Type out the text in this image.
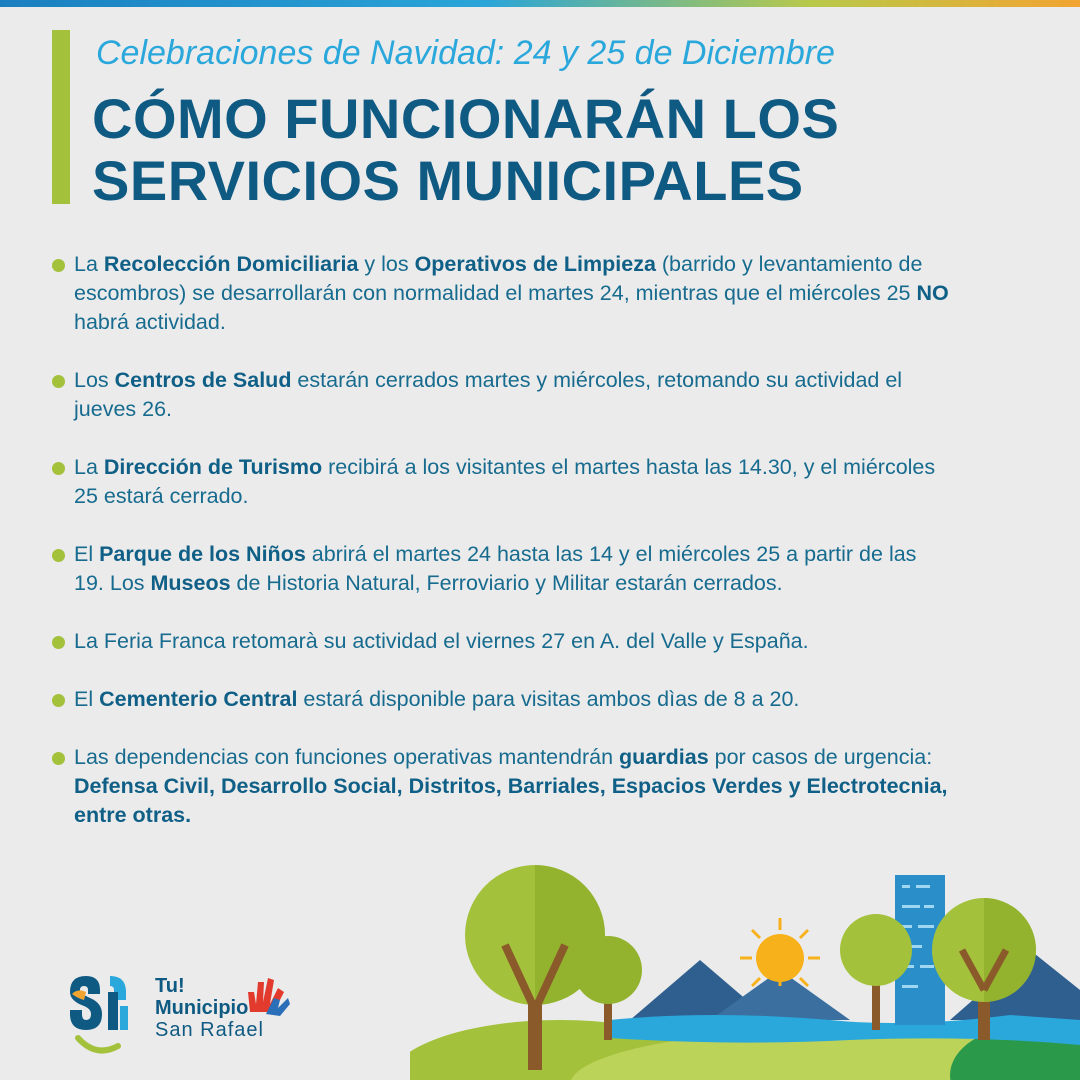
Celebraciones de Navidad: 24 y 25 de Diciembre
CÓMO FUNCIONARÁN LOS SERVICIOS MUNICIPALES
La Recolección Domiciliaria y los Operativos de Limpieza (barrido y levantamiento de escombros) se desarrollarán con normalidad el martes 24, mientras que el miércoles 25 NO habrá actividad.
Los Centros de Salud estarán cerrados martes y miércoles, retomando su actividad el jueves 26.
La Dirección de Turismo recibirá a los visitantes el martes hasta las 14.30, y el miércoles 25 estará cerrado.
El Parque de los Niños abrirá el martes 24 hasta las 14 y el miércoles 25 a partir de las 19. Los Museos de Historia Natural, Ferroviario y Militar estarán cerrados.
La Feria Franca retomarà su actividad el viernes 27 en A. del Valle y España.
El Cementerio Central estará disponible para visitas ambos dìas de 8 a 20.
Las dependencias con funciones operativas mantendrán guardias por casos de urgencia: Defensa Civil, Desarrollo Social, Distritos, Barriales, Espacios Verdes y Electrotecnia, entre otras.
Tu!
Municipio
San Rafael
